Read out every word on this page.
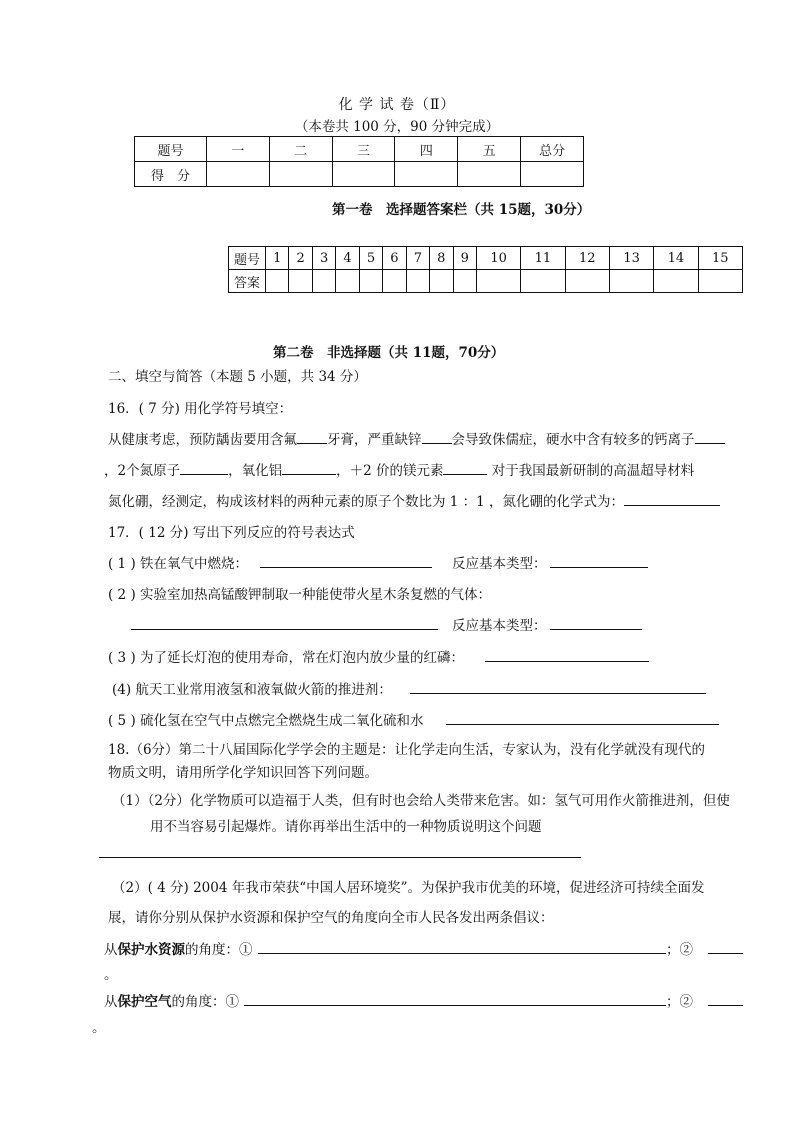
化 学 试 卷（Ⅱ）
（本卷共 100 分，90 分钟完成）
题号	一	二	三	四	五	总分
得　分						
第一卷　选择题答案栏（共 15题，30分）
题号	1	2	3	4	5	6	7	8	9	10	11	12	13	14	15
答案															
第二卷　非选择题（共 11题，70分）
二、填空与简答（本题 5 小题，共 34 分）
16．( 7 分) 用化学符号填空：
从健康考虑，预防龋齿要用含氟 牙膏，严重缺锌 会导致侏儒症，硬水中含有较多的钙离子
，2个氮原子	，氧化铝	，＋2 价的镁元素	对于我国最新研制的高温超导材料
氮化硼，经测定，构成该材料的两种元素的原子个数比为 1 ：1 ，氮化硼的化学式为：
17．( 12 分) 写出下列反应的符号表达式
( 1 ) 铁在氧气中燃烧：	反应基本类型：
( 2 ) 实验室加热高锰酸钾制取一种能使带火星木条复燃的气体：
反应基本类型：
( 3 ) 为了延长灯泡的使用寿命，常在灯泡内放少量的红磷：
(4) 航天工业常用液氢和液氧做火箭的推进剂：
( 5 ) 硫化氢在空气中点燃完全燃烧生成二氧化硫和水
18.（6分）第二十八届国际化学学会的主题是：让化学走向生活，专家认为，没有化学就没有现代的
物质文明，请用所学化学知识回答下列问题。
（1）（2分）化学物质可以造福于人类，但有时也会给人类带来危害。如：氢气可用作火箭推进剂，但使
用不当容易引起爆炸。请你再举出生活中的一种物质说明这个问题
（2）( 4 分) 2004 年我市荣获“中国人居环境奖”。为保护我市优美的环境，促进经济可持续全面发
展，请你分别从保护水资源和保护空气的角度向全市人民各发出两条倡议：
从保护水资源的角度：①	；②
。
从保护空气的角度：①	；②
。
